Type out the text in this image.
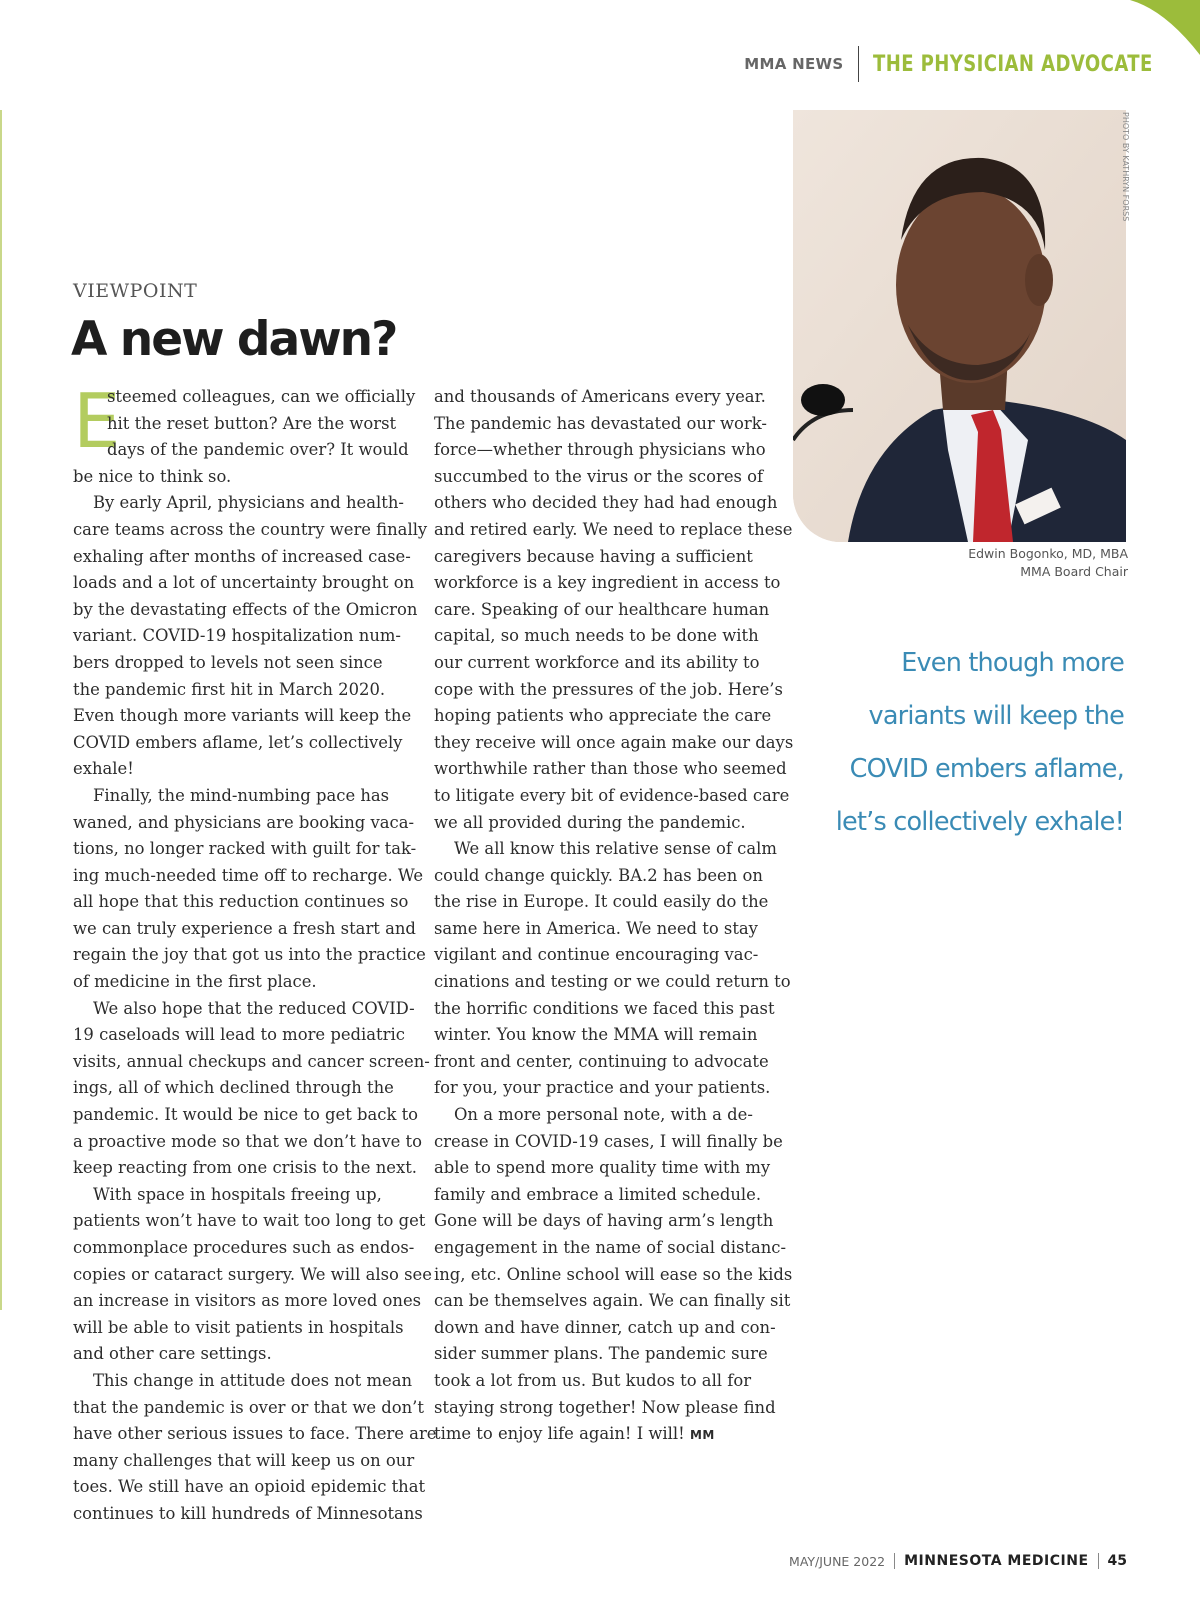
MMA NEWS THE PHYSICIAN ADVOCATE
PHOTO BY KATHRYN FORSS
Edwin Bogonko, MD, MBA
MMA Board Chair
VIEWPOINT
A new dawn?
E

steemed colleagues, can we officially

hit the reset button? Are the worst

days of the pandemic over? It would

be nice to think so.

By early April, physicians and health-

care teams across the country were finally

exhaling after months of increased case-

loads and a lot of uncertainty brought on

by the devastating effects of the Omicron

variant. COVID-19 hospitalization num-

bers dropped to levels not seen since

the pandemic first hit in March 2020.

Even though more variants will keep the

COVID embers aflame, let’s collectively

exhale!

Finally, the mind-numbing pace has

waned, and physicians are booking vaca-

tions, no longer racked with guilt for tak-

ing much-needed time off to recharge. We

all hope that this reduction continues so

we can truly experience a fresh start and

regain the joy that got us into the practice

of medicine in the first place.

We also hope that the reduced COVID-

19 caseloads will lead to more pediatric

visits, annual checkups and cancer screen-

ings, all of which declined through the

pandemic. It would be nice to get back to

a proactive mode so that we don’t have to

keep reacting from one crisis to the next.

With space in hospitals freeing up,

patients won’t have to wait too long to get

commonplace procedures such as endos-

copies or cataract surgery. We will also see

an increase in visitors as more loved ones

will be able to visit patients in hospitals

and other care settings.

This change in attitude does not mean

that the pandemic is over or that we don’t

have other serious issues to face. There are

many challenges that will keep us on our

toes. We still have an opioid epidemic that

continues to kill hundreds of Minnesotans

and thousands of Americans every year.

The pandemic has devastated our work-

force—whether through physicians who

succumbed to the virus or the scores of

others who decided they had had enough

and retired early. We need to replace these

caregivers because having a sufficient

workforce is a key ingredient in access to

care. Speaking of our healthcare human

capital, so much needs to be done with

our current workforce and its ability to

cope with the pressures of the job. Here’s

hoping patients who appreciate the care

they receive will once again make our days

worthwhile rather than those who seemed

to litigate every bit of evidence-based care

we all provided during the pandemic.

We all know this relative sense of calm

could change quickly. BA.2 has been on

the rise in Europe. It could easily do the

same here in America. We need to stay

vigilant and continue encouraging vac-

cinations and testing or we could return to

the horrific conditions we faced this past

winter. You know the MMA will remain

front and center, continuing to advocate

for you, your practice and your patients.

On a more personal note, with a de-

crease in COVID-19 cases, I will finally be

able to spend more quality time with my

family and embrace a limited schedule.

Gone will be days of having arm’s length

engagement in the name of social distanc-

ing, etc. Online school will ease so the kids

can be themselves again. We can finally sit

down and have dinner, catch up and con-

sider summer plans. The pandemic sure

took a lot from us. But kudos to all for

staying strong together! Now please find

time to enjoy life again! I will! MM

Even though more
variants will keep the
COVID embers aflame,
let’s collectively exhale!
MAY/JUNE 2022 MINNESOTA MEDICINE 45
